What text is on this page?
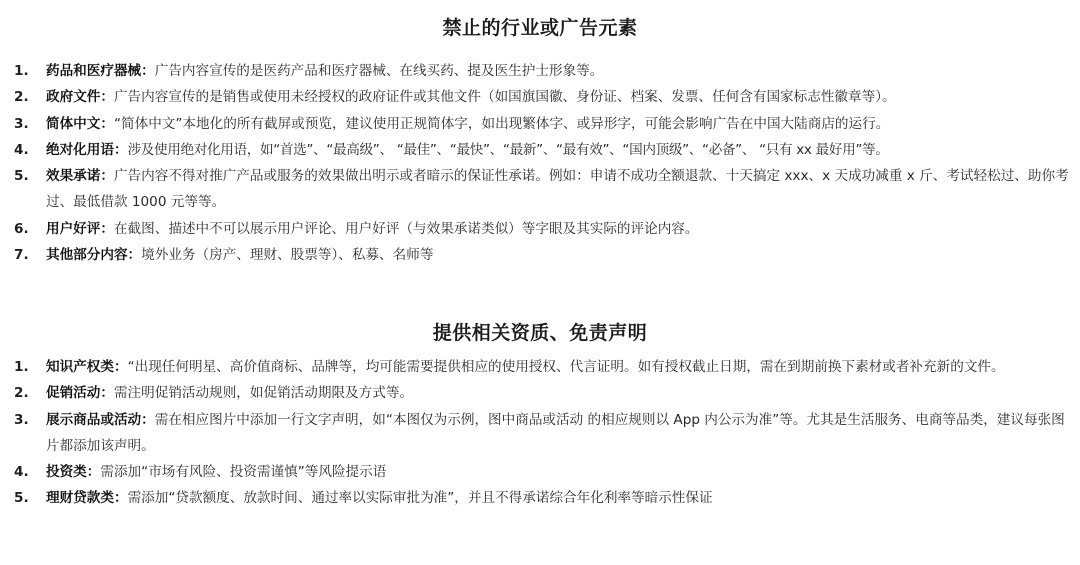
禁止的行业或广告元素
1.	药品和医疗器械：广告内容宣传的是医药产品和医疗器械、在线买药、提及医生护士形象等。
2.	政府文件：广告内容宣传的是销售或使用未经授权的政府证件或其他文件（如国旗国徽、身份证、档案、发票、任何含有国家标志性徽章等）。
3.	简体中文：“简体中文”本地化的所有截屏或预览，建议使用正规简体字，如出现繁体字、或异形字，可能会影响广告在中国大陆商店的运行。
4.	绝对化用语：涉及使用绝对化用语，如“首选”、“最高级”、 “最佳”、“最快”、“最新”、“最有效”、“国内顶级”、“必备”、 “只有 xx 最好用”等。
5.	效果承诺：广告内容不得对推广产品或服务的效果做出明示或者暗示的保证性承诺。例如：申请不成功全额退款、十天搞定 xxx、x 天成功减重 x 斤、考试轻松过、助你考过、最低借款 1000 元等等。
6.	用户好评：在截图、描述中不可以展示用户评论、用户好评（与效果承诺类似）等字眼及其实际的评论内容。
7.	其他部分内容：境外业务（房产、理财、股票等）、私募、名师等
提供相关资质、免责声明
1.	知识产权类：“出现任何明星、高价值商标、品牌等，均可能需要提供相应的使用授权、代言证明。如有授权截止日期，需在到期前换下素材或者补充新的文件。
2.	促销活动：需注明促销活动规则，如促销活动期限及方式等。
3.	展示商品或活动：需在相应图片中添加一行文字声明，如“本图仅为示例，图中商品或活动 的相应规则以 App 内公示为准”等。尤其是生活服务、电商等品类，建议每张图片都添加该声明。
4.	投资类：需添加“市场有风险、投资需谨慎”等风险提示语
5.	理财贷款类：需添加“贷款额度、放款时间、通过率以实际审批为准”，并且不得承诺综合年化利率等暗示性保证
